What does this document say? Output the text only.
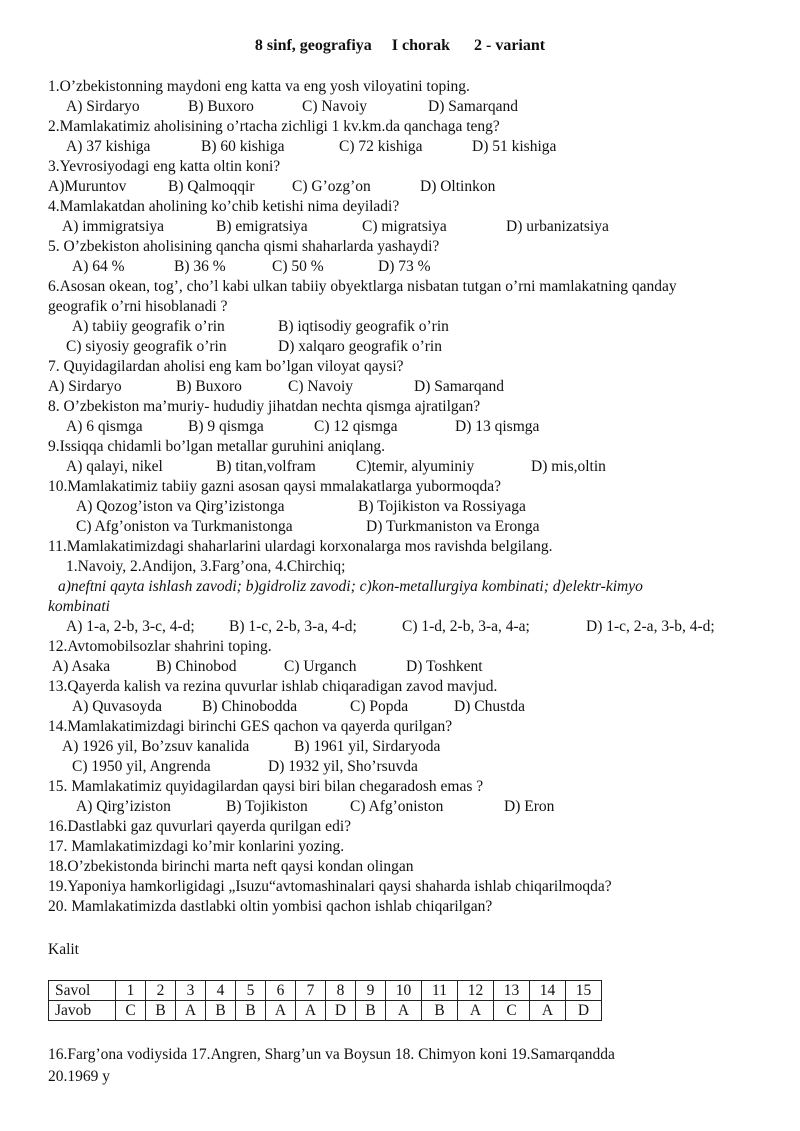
8 sinf, geografiya     I chorak      2 - variant
1.O’zbekistonning maydoni eng katta va eng yosh viloyatini toping.
A) Sirdaryo	B) Buxoro	C) Navoiy	D) Samarqand
2.Mamlakatimiz aholisining o’rtacha zichligi 1 kv.km.da qanchaga teng?
A) 37 kishiga	B) 60 kishiga	C) 72 kishiga	D) 51 kishiga
3.Yevrosiyodagi eng katta oltin koni?
A)Muruntov	B) Qalmoqqir C) G’ozg’on	D) Oltinkon
4.Mamlakatdan aholining ko’chib ketishi nima deyiladi?
A) immigratsiya	B) emigratsiya	C) migratsiya	D) urbanizatsiya
5. O’zbekiston aholisining qancha qismi shaharlarda yashaydi?
A) 64 %	B) 36 %	C) 50 %	D) 73 %
6.Asosan okean, tog’, cho’l kabi ulkan tabiiy obyektlarga nisbatan tutgan o’rni mamlakatning qanday
geografik o’rni hisoblanadi ?
A) tabiiy geografik o’rin	B) iqtisodiy geografik o’rin
C) siyosiy geografik o’rin	D) xalqaro geografik o’rin
7. Quyidagilardan aholisi eng kam bo’lgan viloyat qaysi?
A) Sirdaryo	B) Buxoro	C) Navoiy	D) Samarqand
8. O’zbekiston ma’muriy- hududiy jihatdan nechta qismga ajratilgan?
A) 6 qismga	B) 9 qismga	C) 12 qismga	D) 13 qismga
9.Issiqqa chidamli bo’lgan metallar guruhini aniqlang.
A) qalayi, nikel	B) titan,volfram	C)temir, alyuminiy	D) mis,oltin
10.Mamlakatimiz tabiiy gazni asosan qaysi mmalakatlarga yubormoqda?
A) Qozog’iston va Qirg’izistonga	B) Tojikiston va Rossiyaga
C) Afg’oniston va Turkmanistonga	D) Turkmaniston va Eronga
11.Mamlakatimizdagi shaharlarini ulardagi korxonalarga mos ravishda belgilang.
1.Navoiy, 2.Andijon, 3.Farg’ona, 4.Chirchiq;
a)neftni qayta ishlash zavodi; b)gidroliz zavodi; c)kon-metallurgiya kombinati; d)elektr-kimyo
kombinati
A) 1-a, 2-b, 3-c, 4-d; B) 1-c, 2-b, 3-a, 4-d;	C) 1-d, 2-b, 3-a, 4-a;	D) 1-c, 2-a, 3-b, 4-d;
12.Avtomobilsozlar shahrini toping.
A) Asaka	B) Chinobod	C) Urganch	D) Toshkent
13.Qayerda kalish va rezina quvurlar ishlab chiqaradigan zavod mavjud.
A) Quvasoyda	B) Chinobodda	C) Popda	D) Chustda
14.Mamlakatimizdagi birinchi GES qachon va qayerda qurilgan?
A) 1926 yil, Bo’zsuv kanalida	B) 1961 yil, Sirdaryoda
C) 1950 yil, Angrenda	D) 1932 yil, Sho’rsuvda
15. Mamlakatimiz quyidagilardan qaysi biri bilan chegaradosh emas ?
A) Qirg’iziston	B) Tojikiston	C) Afg’oniston	D) Eron
16.Dastlabki gaz quvurlari qayerda qurilgan edi?
17. Mamlakatimizdagi ko’mir konlarini yozing.
18.O’zbekistonda birinchi marta neft qaysi kondan olingan
19.Yaponiya hamkorligidagi „Isuzu“avtomashinalari qaysi shaharda ishlab chiqarilmoqda?
20. Mamlakatimizda dastlabki oltin yombisi qachon ishlab chiqarilgan?
Kalit
Savol	1	2	3	4	5	6	7	8	9	10	11	12	13	14	15
Javob	C	B	A	B	B	A	A	D	B	A	B	A	C	A	D
16.Farg’ona vodiysida 17.Angren, Sharg’un va Boysun 18. Chimyon koni 19.Samarqandda
20.1969 y
